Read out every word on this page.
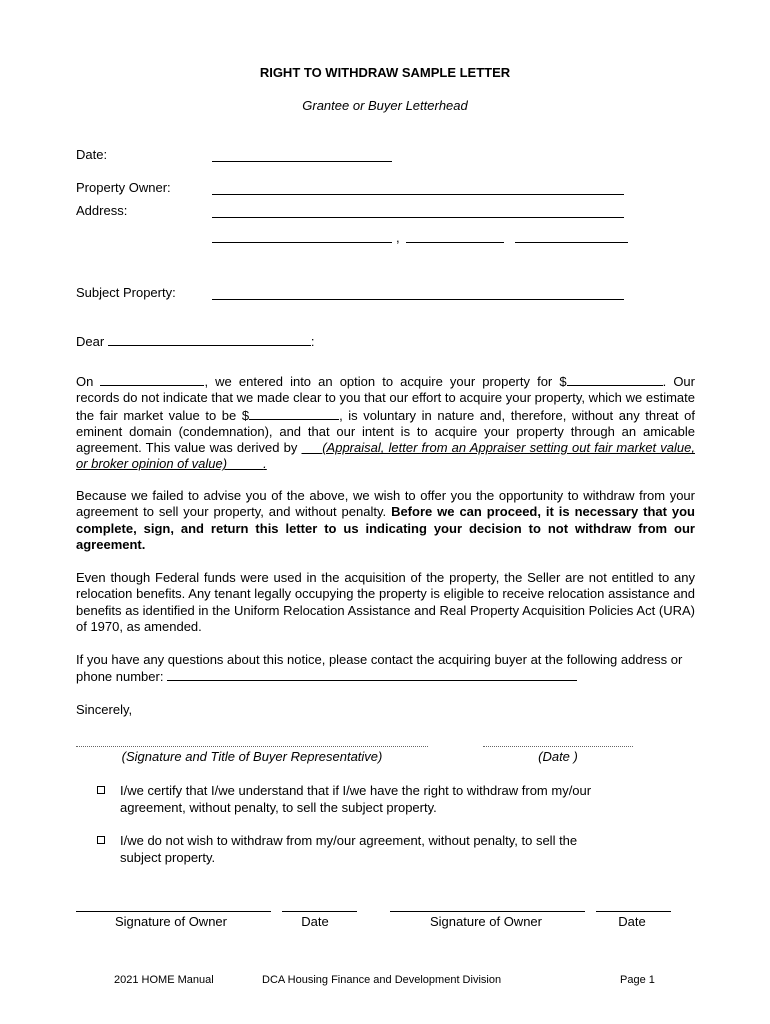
RIGHT TO WITHDRAW SAMPLE LETTER
Grantee or Buyer Letterhead
Date:
Property Owner:
Address:
,
Subject Property:
Dear	:
On	, we entered into an option to acquire your property for $	. Our records do not indicate that we made clear to you that our effort to acquire your property, which we estimate the fair market value to be $	, is voluntary in nature and, therefore, without any threat of eminent domain (condemnation), and that our intent is to acquire your property through an amicable agreement. This value was derived by      (Appraisal, letter from an Appraiser setting out fair market value, or broker opinion of value)	.
Because we failed to advise you of the above, we wish to offer you the opportunity to withdraw from your agreement to sell your property, and without penalty. Before we can proceed, it is necessary that you complete, sign, and return this letter to us indicating your decision to not withdraw from our agreement.
Even though Federal funds were used in the acquisition of the property, the Seller are not entitled to any relocation benefits. Any tenant legally occupying the property is eligible to receive relocation assistance and benefits as identified in the Uniform Relocation Assistance and Real Property Acquisition Policies Act (URA) of 1970, as amended.
If you have any questions about this notice, please contact the acquiring buyer at the following address or phone number:
Sincerely,
(Signature and Title of Buyer Representative)	(Date )
I/we certify that I/we understand that if I/we have the right to withdraw from my/our agreement, without penalty, to sell the subject property.
I/we do not wish to withdraw from my/our agreement, without penalty, to sell the subject property.
Signature of Owner	Date	Signature of Owner	Date
2021 HOME Manual	DCA Housing Finance and Development Division	Page 1
